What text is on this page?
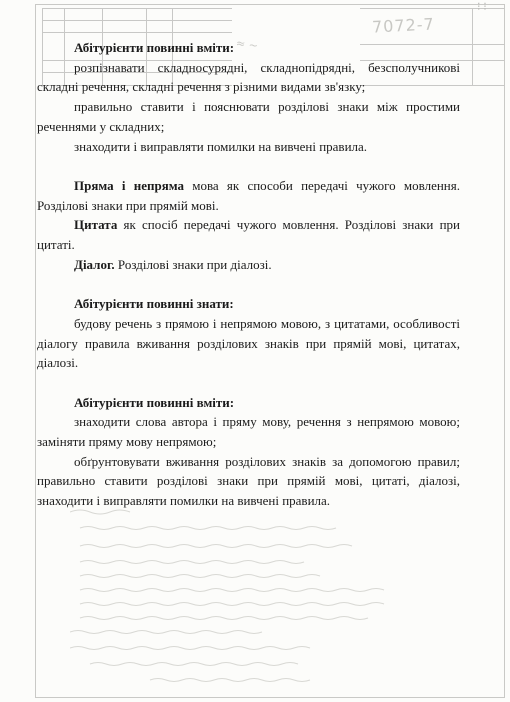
7072-7
≈ ~
⁝ ⁝

Абітурієнти повинні вміти:

розпізнавати складносурядні, складнопідрядні, безсполучникові складні речення, складні речення з різними видами зв'язку;

правильно ставити і пояснювати розділові знаки між простими реченнями у складних;

знаходити і виправляти помилки на вивчені правила.

Пряма і непряма мова як способи передачі чужого мовлення. Розділові знаки при прямій мові.

Цитата як спосіб передачі чужого мовлення. Розділові знаки при цитаті.

Діалог. Розділові знаки при діалозі.

Абітурієнти повинні знати:

будову речень з прямою і непрямою мовою, з цитатами, особливості діалогу правила вживання розділових знаків при прямій мові, цитатах, діалозі.

Абітурієнти повинні вміти:

знаходити слова автора і пряму мову, речення з непрямою мовою; заміняти пряму мову непрямою;

обґрунтовувати вживання розділових знаків за допомогою правил; правильно ставити розділові знаки при прямій мові, цитаті, діалозі, знаходити і виправляти помилки на вивчені правила.
